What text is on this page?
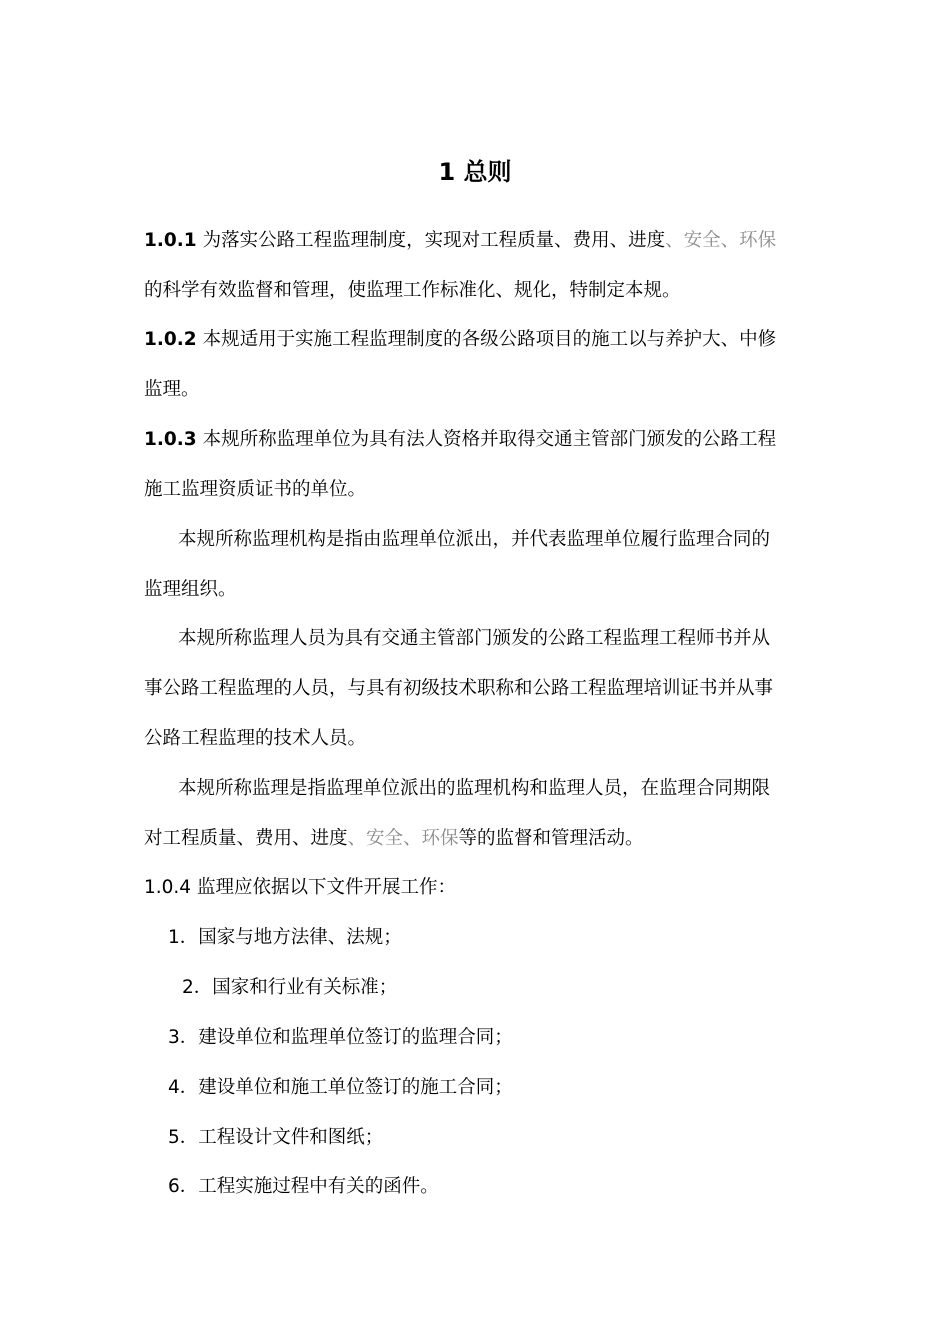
1 总则

1.0.1 为落实公路工程监理制度，实现对工程质量、费用、进度、安全、环保

的科学有效监督和管理，使监理工作标准化、规化，特制定本规。

1.0.2 本规适用于实施工程监理制度的各级公路项目的施工以与养护大、中修

监理。

1.0.3 本规所称监理单位为具有法人资格并取得交通主管部门颁发的公路工程

施工监理资质证书的单位。

本规所称监理机构是指由监理单位派出，并代表监理单位履行监理合同的

监理组织。

本规所称监理人员为具有交通主管部门颁发的公路工程监理工程师书并从

事公路工程监理的人员，与具有初级技术职称和公路工程监理培训证书并从事

公路工程监理的技术人员。

本规所称监理是指监理单位派出的监理机构和监理人员，在监理合同期限

对工程质量、费用、进度、安全、环保等的监督和管理活动。

1.0.4 监理应依据以下文件开展工作：

1．国家与地方法律、法规；

2．国家和行业有关标准；

3．建设单位和监理单位签订的监理合同；

4．建设单位和施工单位签订的施工合同；

5．工程设计文件和图纸；

6．工程实施过程中有关的函件。
